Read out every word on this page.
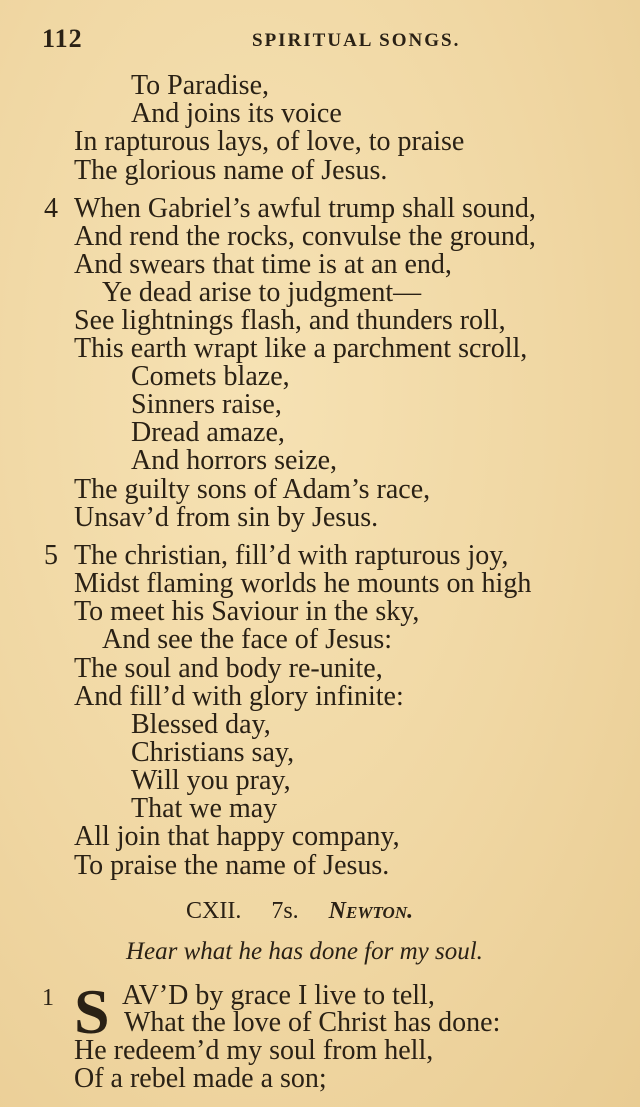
112	SPIRITUAL SONGS.
To Paradise,
And joins its voice
In rapturous lays, of love, to praise
The glorious name of Jesus.
4 When Gabriel’s awful trump shall sound,
And rend the rocks, convulse the ground,
And swears that time is at an end,
Ye dead arise to judgment—
See lightnings flash, and thunders roll,
This earth wrapt like a parchment scroll,
Comets blaze,
Sinners raise,
Dread amaze,
And horrors seize,
The guilty sons of Adam’s race,
Unsav’d from sin by Jesus.
5 The christian, fill’d with rapturous joy,
Midst flaming worlds he mounts on high
To meet his Saviour in the sky,
And see the face of Jesus:
The soul and body re-unite,
And fill’d with glory infinite:
Blessed day,
Christians say,
Will you pray,
That we may
All join that happy company,
To praise the name of Jesus.
CXII. 7s. Newton.
Hear what he has done for my soul.
1 S AV’D by grace I live to tell,
What the love of Christ has done:
He redeem’d my soul from hell,
Of a rebel made a son;
